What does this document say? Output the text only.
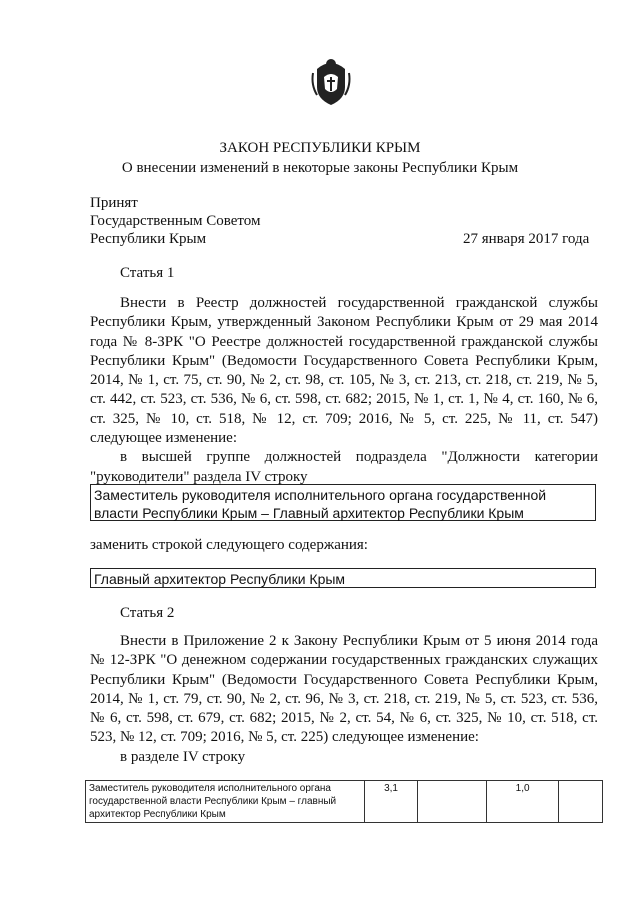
ЗАКОН РЕСПУБЛИКИ КРЫМ
О внесении изменений в некоторые законы Республики Крым
Принят
Государственным Советом
Республики Крым	27 января 2017 года
Статья 1
Внести в Реестр должностей государственной гражданской службы Республики Крым, утвержденный Законом Республики Крым от 29 мая 2014 года № 8-ЗРК "О Реестре должностей государственной гражданской службы Республики Крым" (Ведомости Государственного Совета Республики Крым, 2014, № 1, ст. 75, ст. 90, № 2, ст. 98, ст. 105, № 3, ст. 213, ст. 218, ст. 219, № 5, ст. 442, ст. 523, ст. 536, № 6, ст. 598, ст. 682; 2015, № 1, ст. 1, № 4, ст. 160, № 6, ст. 325, № 10, ст. 518, № 12, ст. 709; 2016, № 5, ст. 225, № 11, ст. 547) следующее изменение:
в высшей группе должностей подраздела "Должности категории "руководители" раздела IV строку
Заместитель руководителя исполнительного органа государственной власти Республики Крым – Главный архитектор Республики Крым
заменить строкой следующего содержания:
Главный архитектор Республики Крым
Статья 2
Внести в Приложение 2 к Закону Республики Крым от 5 июня 2014 года № 12-ЗРК "О денежном содержании государственных гражданских служащих Республики Крым" (Ведомости Государственного Совета Республики Крым, 2014, № 1, ст. 79, ст. 90, № 2, ст. 96, № 3, ст. 218, ст. 219, № 5, ст. 523, ст. 536, № 6, ст. 598, ст. 679, ст. 682; 2015, № 2, ст. 54, № 6, ст. 325, № 10, ст. 518, ст. 523, № 12, ст. 709; 2016, № 5, ст. 225) следующее изменение:
в разделе IV строку
Заместитель руководителя исполнительного органа государственной власти Республики Крым – главный архитектор Республики Крым	3,1		1,0	
